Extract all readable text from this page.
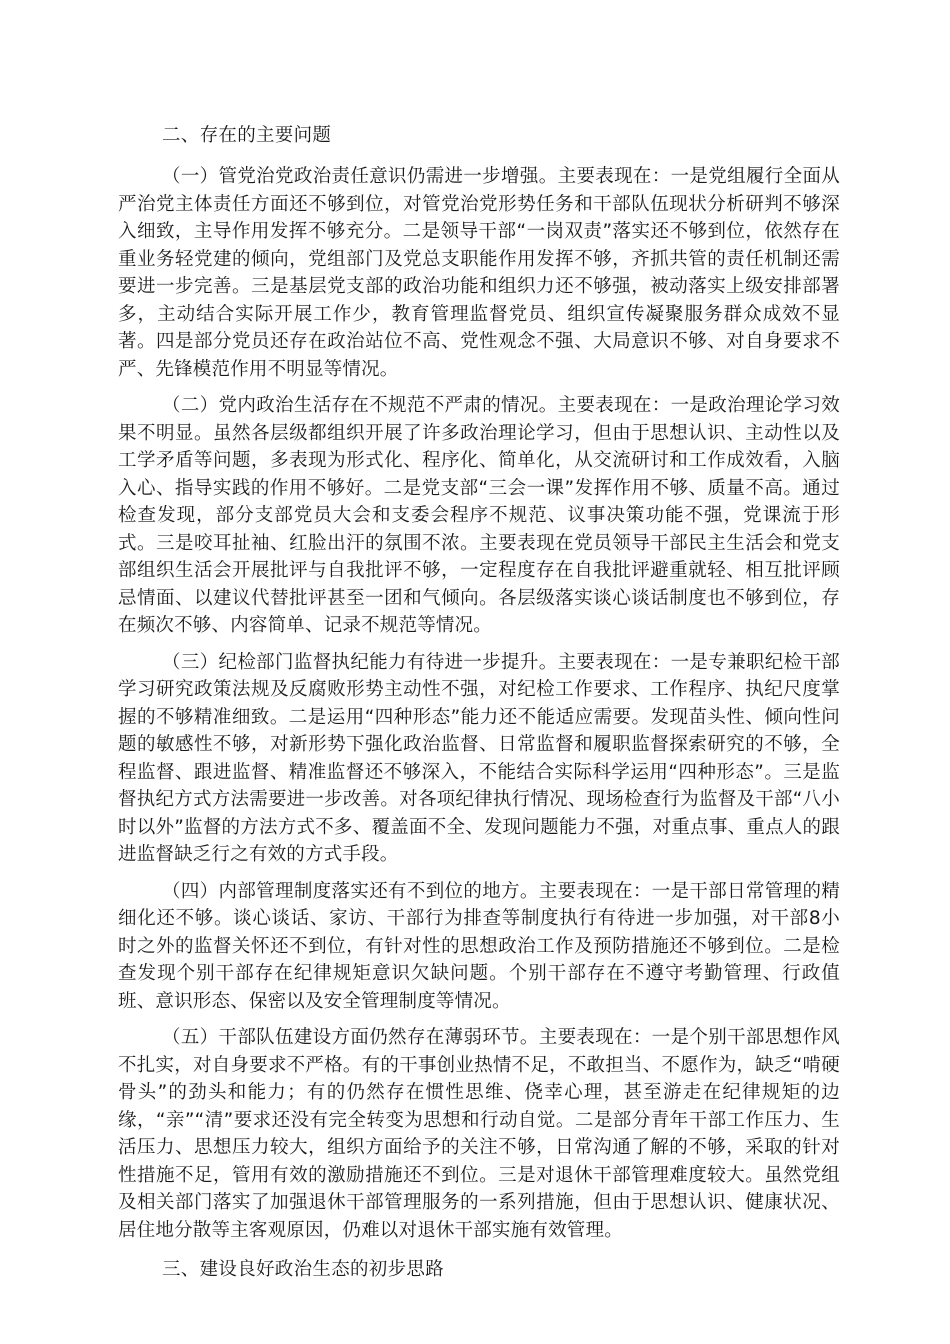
二、存在的主要问题

（一）管党治党政治责任意识仍需进一步增强。主要表现在：一是党组履行全面从严治党主体责任方面还不够到位，对管党治党形势任务和干部队伍现状分析研判不够深入细致，主导作用发挥不够充分。二是领导干部“一岗双责”落实还不够到位，依然存在重业务轻党建的倾向，党组部门及党总支职能作用发挥不够，齐抓共管的责任机制还需要进一步完善。三是基层党支部的政治功能和组织力还不够强，被动落实上级安排部署多，主动结合实际开展工作少，教育管理监督党员、组织宣传凝聚服务群众成效不显著。四是部分党员还存在政治站位不高、党性观念不强、大局意识不够、对自身要求不严、先锋模范作用不明显等情况。

（二）党内政治生活存在不规范不严肃的情况。主要表现在：一是政治理论学习效果不明显。虽然各层级都组织开展了许多政治理论学习，但由于思想认识、主动性以及工学矛盾等问题，多表现为形式化、程序化、简单化，从交流研讨和工作成效看，入脑入心、指导实践的作用不够好。二是党支部“三会一课”发挥作用不够、质量不高。通过检查发现，部分支部党员大会和支委会程序不规范、议事决策功能不强，党课流于形式。三是咬耳扯袖、红脸出汗的氛围不浓。主要表现在党员领导干部民主生活会和党支部组织生活会开展批评与自我批评不够，一定程度存在自我批评避重就轻、相互批评顾忌情面、以建议代替批评甚至一团和气倾向。各层级落实谈心谈话制度也不够到位，存在频次不够、内容简单、记录不规范等情况。

（三）纪检部门监督执纪能力有待进一步提升。主要表现在：一是专兼职纪检干部学习研究政策法规及反腐败形势主动性不强，对纪检工作要求、工作程序、执纪尺度掌握的不够精准细致。二是运用“四种形态”能力还不能适应需要。发现苗头性、倾向性问题的敏感性不够，对新形势下强化政治监督、日常监督和履职监督探索研究的不够，全程监督、跟进监督、精准监督还不够深入，不能结合实际科学运用“四种形态”。三是监督执纪方式方法需要进一步改善。对各项纪律执行情况、现场检查行为监督及干部“八小时以外”监督的方法方式不多、覆盖面不全、发现问题能力不强，对重点事、重点人的跟进监督缺乏行之有效的方式手段。

（四）内部管理制度落实还有不到位的地方。主要表现在：一是干部日常管理的精细化还不够。谈心谈话、家访、干部行为排查等制度执行有待进一步加强，对干部8小时之外的监督关怀还不到位，有针对性的思想政治工作及预防措施还不够到位。二是检查发现个别干部存在纪律规矩意识欠缺问题。个别干部存在不遵守考勤管理、行政值班、意识形态、保密以及安全管理制度等情况。

（五）干部队伍建设方面仍然存在薄弱环节。主要表现在：一是个别干部思想作风不扎实，对自身要求不严格。有的干事创业热情不足，不敢担当、不愿作为，缺乏“啃硬骨头”的劲头和能力；有的仍然存在惯性思维、侥幸心理，甚至游走在纪律规矩的边缘，“亲”“清”要求还没有完全转变为思想和行动自觉。二是部分青年干部工作压力、生活压力、思想压力较大，组织方面给予的关注不够，日常沟通了解的不够，采取的针对性措施不足，管用有效的激励措施还不到位。三是对退休干部管理难度较大。虽然党组及相关部门落实了加强退休干部管理服务的一系列措施，但由于思想认识、健康状况、居住地分散等主客观原因，仍难以对退休干部实施有效管理。

三、建设良好政治生态的初步思路
